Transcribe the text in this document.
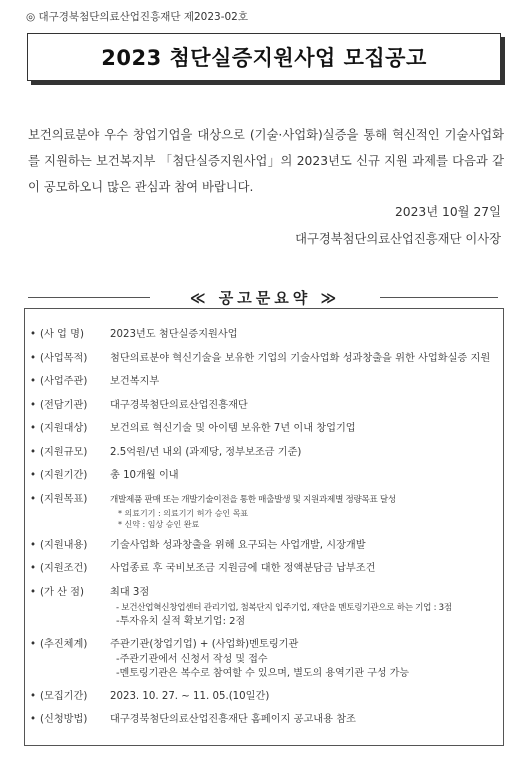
◎ 대구경북첨단의료산업진흥재단 제2023-02호
2023 첨단실증지원사업 모집공고
보건의료분야 우수 창업기업을 대상으로 (기술·사업화)실증을 통해 혁신적인 기술사업화를 지원하는 보건복지부 「첨단실증지원사업」의 2023년도 신규 지원 과제를 다음과 같이 공모하오니 많은 관심과 참여 바랍니다.
2023년 10월 27일
대구경북첨단의료산업진흥재단 이사장
≪ 공고문요약 ≫
• (사 업 명)	2023년도 첨단실증지원사업
• (사업목적)	첨단의료분야 혁신기술을 보유한 기업의 기술사업화 성과창출을 위한 사업화실증 지원
• (사업주관)	보건복지부
• (전담기관)	대구경북첨단의료산업진흥재단
• (지원대상)	보건의료 혁신기술 및 아이템 보유한 7년 이내 창업기업
• (지원규모)	2.5억원/년 내외 (과제당, 정부보조금 기준)
• (지원기간)	총 10개월 이내
• (지원목표)	개발제품 판매 또는 개발기술이전을 통한 매출발생 및 지원과제별 정량목표 달성
* 의료기기 : 의료기기 허가 승인 목표
* 신약 : 임상 승인 완료
• (지원내용)	기술사업화 성과창출을 위해 요구되는 사업개발, 시장개발
• (지원조건)	사업종료 후 국비보조금 지원금에 대한 정액분담금 납부조건
• (가 산 점)	최대 3점
- 보건산업혁신창업센터 관리기업, 첨복단지 입주기업, 재단을 멘토링기관으로 하는 기업 : 3점
-투자유치 실적 확보기업: 2점
• (추진체계)	주관기관(창업기업) + (사업화)멘토링기관
-주관기관에서 신청서 작성 및 접수
-멘토링기관은 복수로 참여할 수 있으며, 별도의 용역기관 구성 가능
• (모집기간)	2023. 10. 27. ~ 11. 05.(10일간)
• (신청방법)	대구경북첨단의료산업진흥재단 홈페이지 공고내용 참조
